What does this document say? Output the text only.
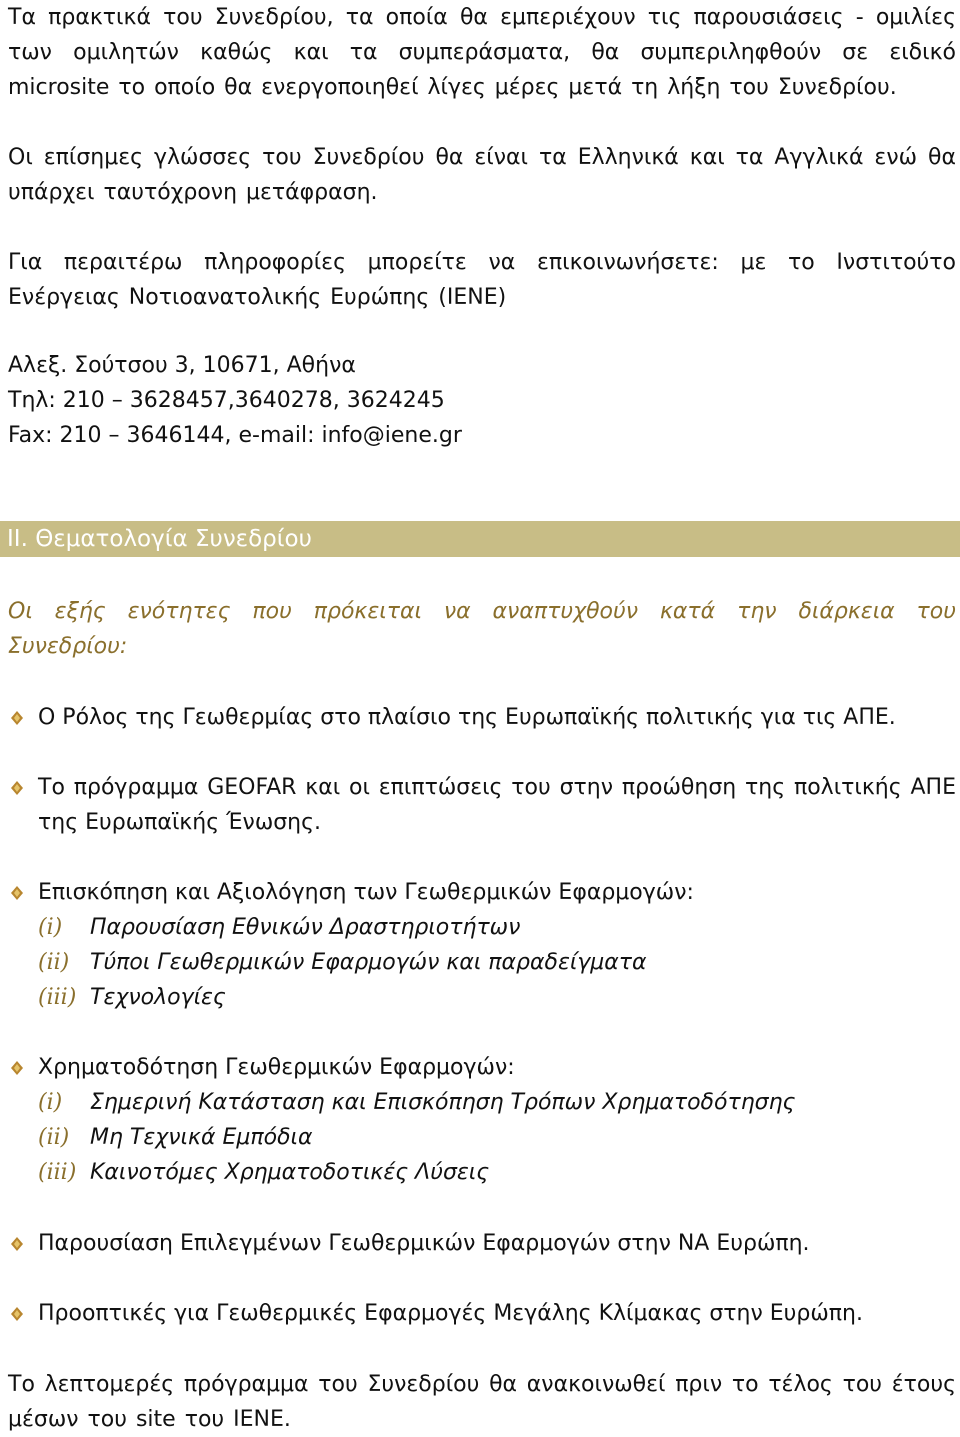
Τα πρακτικά του Συνεδρίου, τα οποία θα εμπεριέχουν τις παρουσιάσεις - ομιλίες των ομιλητών καθώς και τα συμπεράσματα, θα συμπεριληφθούν σε ειδικό microsite το οποίο θα ενεργοποιηθεί λίγες μέρες μετά τη λήξη του Συνεδρίου.

Οι επίσημες γλώσσες του Συνεδρίου θα είναι τα Ελληνικά και τα Αγγλικά ενώ θα υπάρχει ταυτόχρονη μετάφραση.

Για περαιτέρω πληροφορίες μπορείτε να επικοινωνήσετε: με το Ινστιτούτο Ενέργειας Νοτιοανατολικής Ευρώπης (ΙΕΝΕ)

Αλεξ. Σούτσου 3, 10671, Αθήνα

Τηλ: 210 – 3628457,3640278, 3624245

Fax: 210 – 3646144, e-mail: info@iene.gr

ΙΙ. Θεματολογία Συνεδρίου

Οι εξής ενότητες που πρόκειται να αναπτυχθούν κατά την διάρκεια του Συνεδρίου:

Ο Ρόλος της Γεωθερμίας στο πλαίσιο της Ευρωπαϊκής πολιτικής για τις ΑΠΕ.

Το πρόγραμμα GEOFAR και οι επιπτώσεις του στην προώθηση της πολιτικής ΑΠΕ της Ευρωπαϊκής Ένωσης.

Επισκόπηση και Αξιολόγηση των Γεωθερμικών Εφαρμογών:

(i) Παρουσίαση Εθνικών Δραστηριοτήτων

(ii) Τύποι Γεωθερμικών Εφαρμογών και παραδείγματα

(iii) Τεχνολογίες

Χρηματοδότηση Γεωθερμικών Εφαρμογών:

(i) Σημερινή Κατάσταση και Επισκόπηση Τρόπων Χρηματοδότησης

(ii) Μη Τεχνικά Εμπόδια

(iii) Καινοτόμες Χρηματοδοτικές Λύσεις

Παρουσίαση Επιλεγμένων Γεωθερμικών Εφαρμογών στην ΝΑ Ευρώπη.

Προοπτικές για Γεωθερμικές Εφαρμογές Μεγάλης Κλίμακας στην Ευρώπη.

Το λεπτομερές πρόγραμμα του Συνεδρίου θα ανακοινωθεί πριν το τέλος του έτους μέσων του site του ΙΕΝΕ.
